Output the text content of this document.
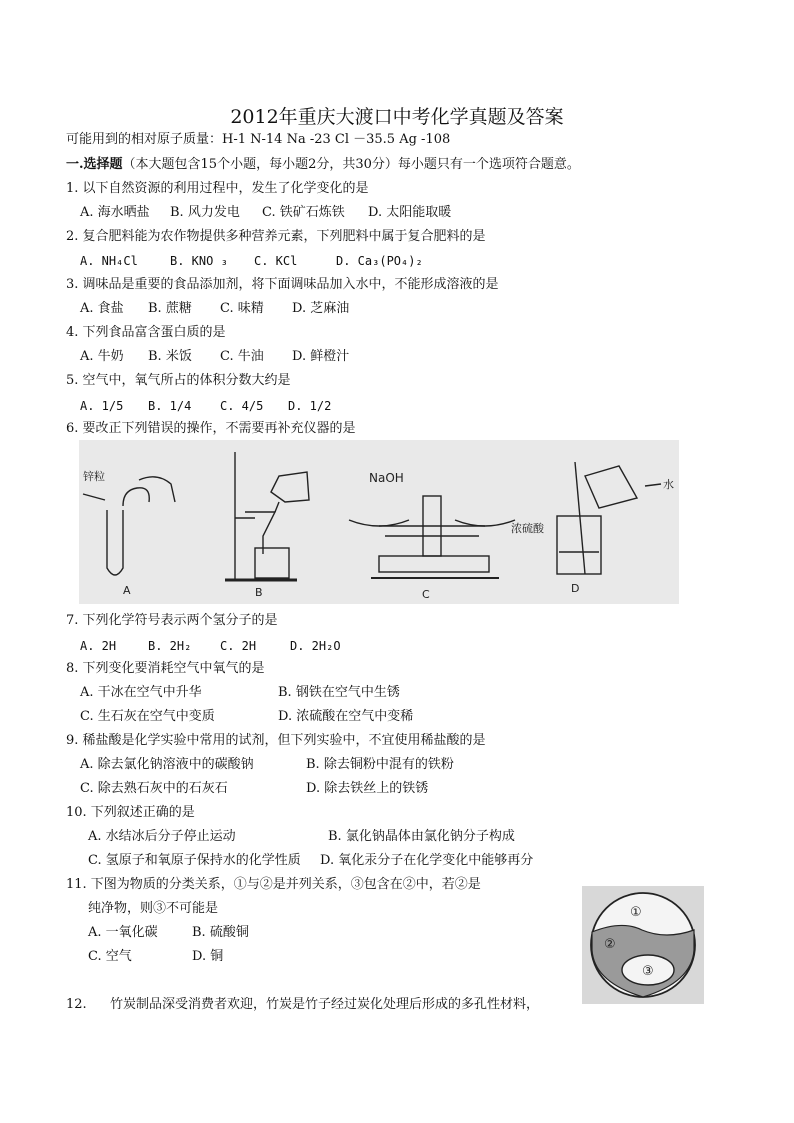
2012年重庆大渡口中考化学真题及答案
可能用到的相对原子质量：H-1 N-14 Na -23 Cl －35.5 Ag -108
一.选择题（本大题包含15个小题，每小题2分，共30分）每小题只有一个选项符合题意。
1. 以下自然资源的利用过程中，发生了化学变化的是
A. 海水晒盐 B. 风力发电 C. 铁矿石炼铁 D. 太阳能取暖
2. 复合肥料能为农作物提供多种营养元素，下列肥料中属于复合肥料的是
A. NH₄Cl	B. KNO ₃ C. KCl	D. Ca₃(PO₄)₂
3. 调味品是重要的食品添加剂，将下面调味品加入水中，不能形成溶液的是
A. 食盐 B. 蔗糖 C. 味精 D. 芝麻油
4. 下列食品富含蛋白质的是
A. 牛奶 B. 米饭 C. 牛油 D. 鲜橙汁
5. 空气中，氧气所占的体积分数大约是
A. 1/5 B. 1/4 C. 4/5 D. 1/2
6. 要改正下列错误的操作，不需要再补充仪器的是
锌粒	NaOH
浓硫酸
水
A	B	C	D
7. 下列化学符号表示两个氢分子的是
A. 2H	B. 2H₂ C. 2H	D. 2H₂O
8. 下列变化要消耗空气中氧气的是
A. 干冰在空气中升华	B. 钢铁在空气中生锈
C. 生石灰在空气中变质	D. 浓硫酸在空气中变稀
9. 稀盐酸是化学实验中常用的试剂，但下列实验中，不宜使用稀盐酸的是
A. 除去氯化钠溶液中的碳酸钠	B. 除去铜粉中混有的铁粉
C. 除去熟石灰中的石灰石	D. 除去铁丝上的铁锈
10. 下列叙述正确的是
A. 水结冰后分子停止运动	B. 氯化钠晶体由氯化钠分子构成
C. 氢原子和氧原子保持水的化学性质 D. 氧化汞分子在化学变化中能够再分
11. 下图为物质的分类关系，①与②是并列关系，③包含在②中，若②是
纯净物，则③不可能是
A. 一氧化碳	B. 硫酸铜
C. 空气	D. 铜
①
②
③
12. 竹炭制品深受消费者欢迎，竹炭是竹子经过炭化处理后形成的多孔性材料，
